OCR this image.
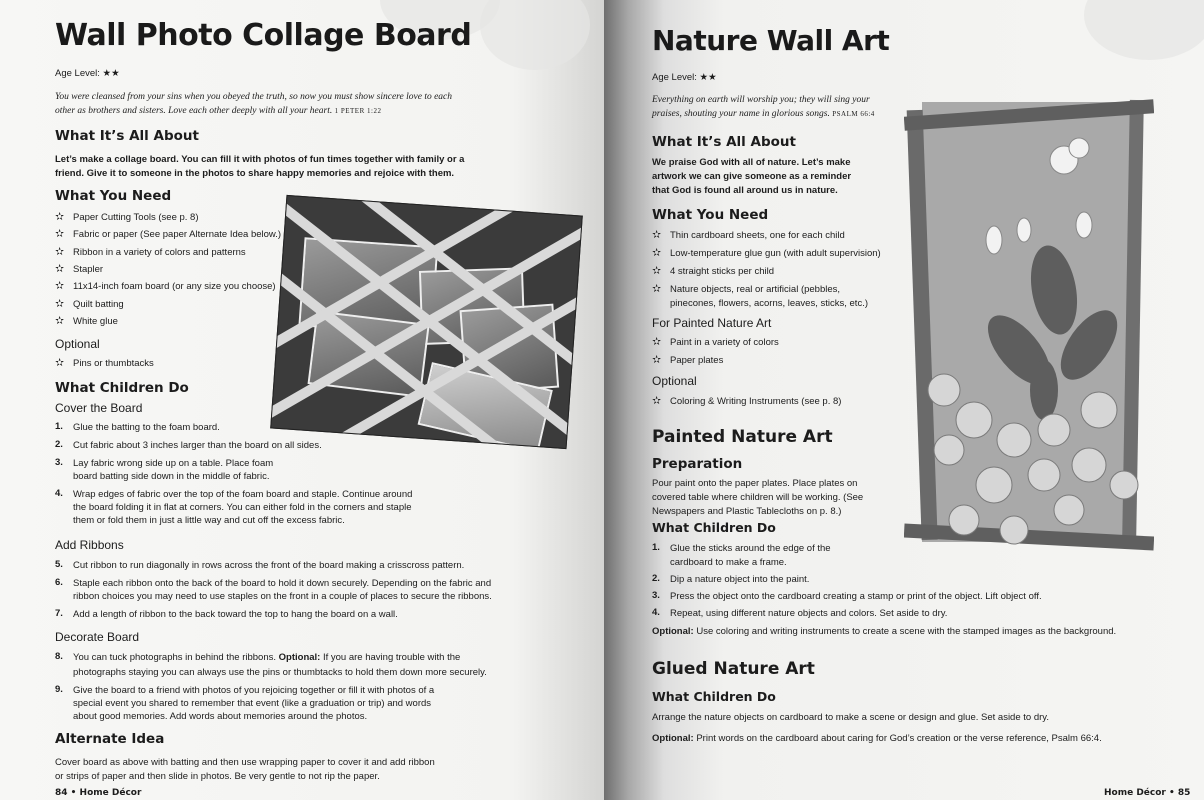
Wall Photo Collage Board
Age Level: ★★
You were cleansed from your sins when you obeyed the truth, so now you must show sincere love to each other as brothers and sisters. Love each other deeply with all your heart. 1 PETER 1:22
What It’s All About
Let’s make a collage board. You can fill it with photos of fun times together with family or a
friend. Give it to someone in the photos to share happy memories and rejoice with them.
What You Need
✫ Paper Cutting Tools (see p. 8)
✫ Fabric or paper (See paper Alternate Idea below.)
✫ Ribbon in a variety of colors and patterns
✫ Stapler
✫ 11x14-inch foam board (or any size you choose)
✫ Quilt batting
✫ White glue
Optional
✫ Pins or thumbtacks
What Children Do
Cover the Board
1. Glue the batting to the foam board.
2. Cut fabric about 3 inches larger than the board on all sides.
3. Lay fabric wrong side up on a table. Place foam
board batting side down in the middle of fabric.
4. Wrap edges of fabric over the top of the foam board and staple. Continue around
the board folding it in flat at corners. You can either fold in the corners and staple
them or fold them in just a little way and cut off the excess fabric.
Add Ribbons
5. Cut ribbon to run diagonally in rows across the front of the board making a crisscross pattern.
6. Staple each ribbon onto the back of the board to hold it down securely. Depending on the fabric and
ribbon choices you may need to use staples on the front in a couple of places to secure the ribbons.
7. Add a length of ribbon to the back toward the top to hang the board on a wall.
Decorate Board
8. You can tuck photographs in behind the ribbons. Optional: If you are having trouble with the
photographs staying you can always use the pins or thumbtacks to hold them down more securely.
9. Give the board to a friend with photos of you rejoicing together or fill it with photos of a
special event you shared to remember that event (like a graduation or trip) and words
about good memories. Add words about memories around the photos.
Alternate Idea
Cover board as above with batting and then use wrapping paper to cover it and add ribbon
or strips of paper and then slide in photos. Be very gentle to not rip the paper.
84 • Home Décor
Nature Wall Art
Age Level: ★★
Everything on earth will worship you; they will sing your
praises, shouting your name in glorious songs. PSALM 66:4
What It’s All About
We praise God with all of nature. Let’s make
artwork we can give someone as a reminder
that God is found all around us in nature.
What You Need
✫ Thin cardboard sheets, one for each child
✫ Low-temperature glue gun (with adult supervision)
✫ 4 straight sticks per child
✫ Nature objects, real or artificial (pebbles,
pinecones, flowers, acorns, leaves, sticks, etc.)
For Painted Nature Art
✫ Paint in a variety of colors
✫ Paper plates
Optional
✫ Coloring & Writing Instruments (see p. 8)
Painted Nature Art
Preparation
Pour paint onto the paper plates. Place plates on
covered table where children will be working. (See
Newspapers and Plastic Tablecloths on p. 8.)
What Children Do
1. Glue the sticks around the edge of the
cardboard to make a frame.
2. Dip a nature object into the paint.
3. Press the object onto the cardboard creating a stamp or print of the object. Lift object off.
4. Repeat, using different nature objects and colors. Set aside to dry.
Optional: Use coloring and writing instruments to create a scene with the stamped images as the background.
Glued Nature Art
What Children Do
Arrange the nature objects on cardboard to make a scene or design and glue. Set aside to dry.
Optional: Print words on the cardboard about caring for God’s creation or the verse reference, Psalm 66:4.
Home Décor • 85
